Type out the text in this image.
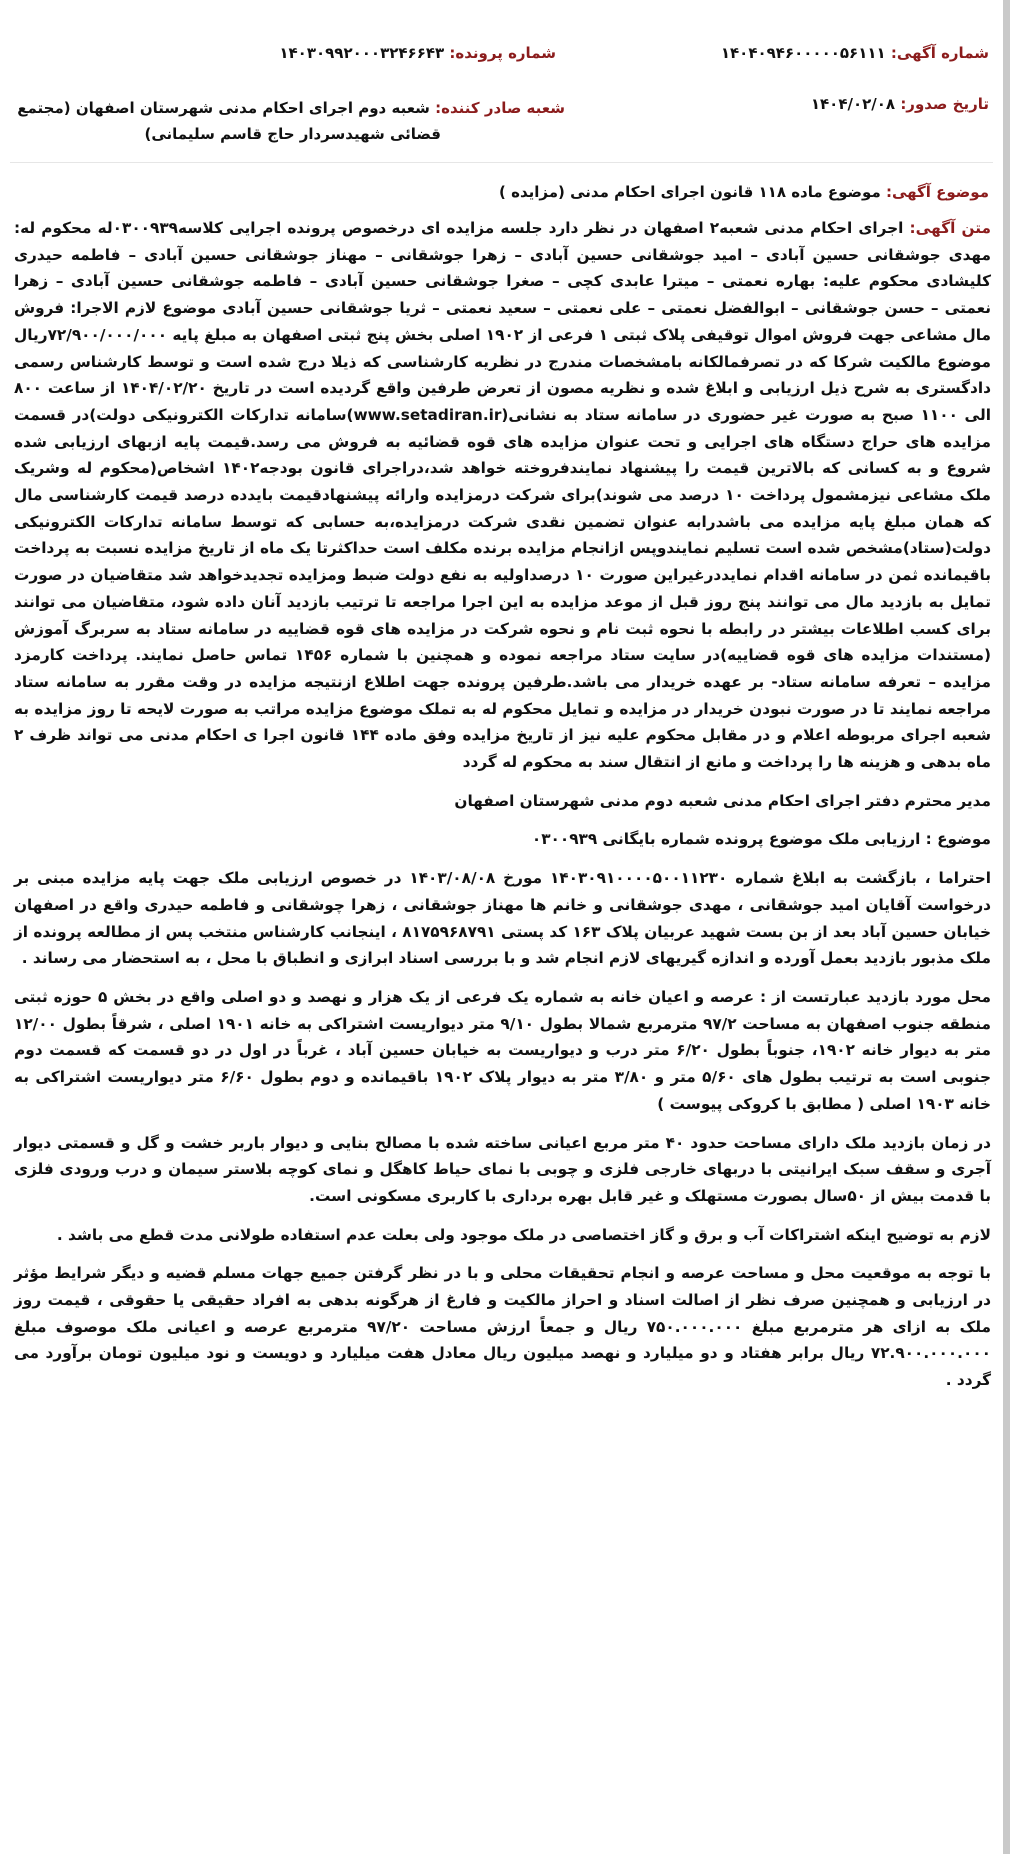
شماره آگهی: ۱۴۰۴۰۹۴۶۰۰۰۰۰۵۶۱۱۱
شماره پرونده: ۱۴۰۳۰۹۹۲۰۰۰۳۲۴۶۶۴۳
تاریخ صدور: ۱۴۰۴/۰۲/۰۸
شعبه صادر کننده: شعبه دوم اجرای احکام مدنی شهرستان اصفهان (مجتمع
قضائی شهیدسردار حاج قاسم سلیمانی)
موضوع آگهی: موضوع ماده ۱۱۸ قانون اجرای احکام مدنی (مزایده )

متن آگهی: اجرای احکام مدنی شعبه۲ اصفهان در نظر دارد جلسه مزایده ای درخصوص پرونده اجرایی کلاسه۰۳۰۰۹۳۹له محکوم له: مهدی جوشقانی حسین آبادی – امید جوشقانی حسین آبادی – زهرا جوشقانی – مهناز جوشقانی حسین آبادی – فاطمه حیدری کلیشادی محکوم علیه: بهاره نعمتی – میترا عابدی کچی – صغرا جوشقانی حسین آبادی – فاطمه جوشقانی حسین آبادی – زهرا نعمتی – حسن جوشقانی – ابوالفضل نعمتی – علی نعمتی – سعید نعمتی – ثریا جوشقانی حسین آبادی موضوع لازم الاجرا: فروش مال مشاعی جهت فروش اموال توقیفی پلاک ثبتی ۱ فرعی از ۱۹۰۲ اصلی بخش پنج ثبتی اصفهان به مبلغ پایه ۷۲/۹۰۰/۰۰۰/۰۰۰ریال موضوع مالکیت شرکا که در تصرفمالکانه بامشخصات مندرج در نظریه کارشناسی که ذیلا درج شده است و توسط کارشناس رسمی دادگستری به شرح ذیل ارزیابی و ابلاغ شده و نظریه مصون از تعرض طرفین واقع گردیده است در تاریخ ۱۴۰۴/۰۲/۲۰ از ساعت ۸۰۰ الی ۱۱۰۰ صبح به صورت غیر حضوری در سامانه ستاد به نشانی(www.setadiran.ir)سامانه تدارکات الکترونیکی دولت)در قسمت مزایده های حراج دستگاه های اجرایی و تحت عنوان مزایده های قوه قضائیه به فروش می رسد.قیمت پایه ازبهای ارزیابی شده شروع و به کسانی که بالاترین قیمت را پیشنهاد نمایندفروخته خواهد شد،دراجرای قانون بودجه۱۴۰۲ اشخاص(محکوم له وشریک ملک مشاعی نیزمشمول پرداخت ۱۰ درصد می شوند)برای شرکت درمزایده وارائه پیشنهادقیمت بایدده درصد قیمت کارشناسی مال که همان مبلغ پایه مزایده می باشدرابه عنوان تضمین نقدی شرکت درمزایده،به حسابی که توسط سامانه تدارکات الکترونیکی دولت(ستاد)مشخص شده است تسلیم نمایندوپس ازانجام مزایده برنده مکلف است حداکثرتا یک ماه از تاریخ مزایده نسبت به پرداخت باقیمانده ثمن در سامانه اقدام نمایددرغیراین صورت ۱۰ درصداولیه به نفع دولت ضبط ومزایده تجدیدخواهد شد متقاضیان در صورت تمایل به بازدید مال می توانند پنج روز قبل از موعد مزایده به این اجرا مراجعه تا ترتیب بازدید آنان داده شود، متقاضیان می توانند برای کسب اطلاعات بیشتر در رابطه با نحوه ثبت نام و نحوه شرکت در مزایده های قوه قضاییه در سامانه ستاد به سربرگ آموزش (مستندات مزایده های قوه قضاییه)در سایت ستاد مراجعه نموده و همچنین با شماره ۱۴۵۶ تماس حاصل نمایند. پرداخت کارمزد مزایده – تعرفه سامانه ستاد- بر عهده خریدار می باشد.طرفین پرونده جهت اطلاع ازنتیجه مزایده در وقت مقرر به سامانه ستاد مراجعه نمایند تا در صورت نبودن خریدار در مزایده و تمایل محکوم له به تملک موضوع مزایده مراتب به صورت لایحه تا روز مزایده به شعبه اجرای مربوطه اعلام و در مقابل محکوم علیه نیز از تاریخ مزایده وفق ماده ۱۴۴ قانون اجرا ی احکام مدنی می تواند ظرف ۲ ماه بدهی و هزینه ها را پرداخت و مانع از انتقال سند به محکوم له گردد

مدیر محترم دفتر اجرای احکام مدنی شعبه دوم مدنی شهرستان اصفهان

موضوع : ارزیابی ملک موضوع پرونده شماره بایگانی ۰۳۰۰۹۳۹

احتراما ، بازگشت به ابلاغ شماره ۱۴۰۳۰۹۱۰۰۰۰۵۰۰۱۱۲۳۰ مورخ ۱۴۰۳/۰۸/۰۸ در خصوص ارزیابی ملک جهت پایه مزایده مبنی بر درخواست آقایان امید جوشقانی ، مهدی جوشقانی و خانم ها مهناز جوشقانی ، زهرا چوشقانی و فاطمه حیدری واقع در اصفهان خیابان حسین آباد بعد از بن بست شهید عربیان پلاک ۱۶۳ کد پستی ۸۱۷۵۹۶۸۷۹۱ ، اینجانب کارشناس منتخب پس از مطالعه پرونده از ملک مذبور بازدید بعمل آورده و اندازه گیریهای لازم انجام شد و با بررسی اسناد ابرازی و انطباق با محل ، به استحضار می رساند .

محل مورد بازدید عبارتست از : عرصه و اعیان خانه به شماره یک فرعی از یک هزار و نهصد و دو اصلی واقع در بخش ۵ حوزه ثبتی منطقه جنوب اصفهان به مساحت ۹۷/۲ مترمربع شمالا بطول ۹/۱۰ متر دیواریست اشتراکی به خانه ۱۹۰۱ اصلی ، شرقاً بطول ۱۲/۰۰ متر به دیوار خانه ۱۹۰۲، جنوباً بطول ۶/۲۰ متر درب و دیواریست به خیابان حسین آباد ، غرباً در اول در دو قسمت که قسمت دوم جنوبی است به ترتیب بطول های ۵/۶۰ متر و ۳/۸۰ متر به دیوار پلاک ۱۹۰۲ باقیمانده و دوم بطول ۶/۶۰ متر دیواریست اشتراکی به خانه ۱۹۰۳ اصلی ( مطابق با کروکی پیوست )

در زمان بازدید ملک دارای مساحت حدود ۴۰ متر مربع اعیانی ساخته شده با مصالح بنایی و دیوار باربر خشت و گل و قسمتی دیوار آجری و سقف سبک ایرانیتی با دربهای خارجی فلزی و چوبی با نمای حیاط کاهگل و نمای کوچه بلاستر سیمان و درب ورودی فلزی با قدمت بیش از ۵۰سال بصورت مستهلک و غیر قابل بهره برداری با کاربری مسکونی است.

لازم به توضیح اینکه اشتراکات آب و برق و گاز اختصاصی در ملک موجود ولی بعلت عدم استفاده طولانی مدت قطع می باشد .

با توجه به موقعیت محل و مساحت عرصه و انجام تحقیقات محلی و با در نظر گرفتن جمیع جهات مسلم قضیه و دیگر شرایط مؤثر در ارزیابی و همچنین صرف نظر از اصالت اسناد و احراز مالکیت و فارغ از هرگونه بدهی به افراد حقیقی یا حقوقی ، قیمت روز ملک به ازای هر مترمربع مبلغ ۷۵۰.۰۰۰.۰۰۰ ریال و جمعاً ارزش مساحت ۹۷/۲۰ مترمربع عرصه و اعیانی ملک موصوف مبلغ ۷۲.۹۰۰.۰۰۰.۰۰۰ ریال برابر هفتاد و دو میلیارد و نهصد میلیون ریال معادل هفت میلیارد و دویست و نود میلیون تومان برآورد می گردد .
